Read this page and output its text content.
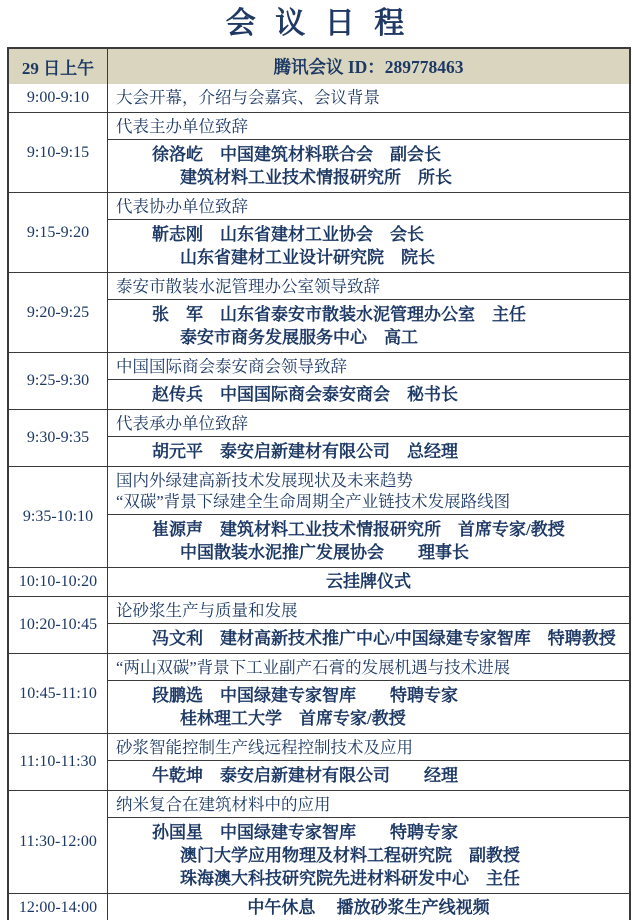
会 议 日 程
29 日上午	腾讯会议 ID：289778463
9:00-9:10	大会开幕，介绍与会嘉宾、会议背景
9:10-9:15
代表主办单位致辞
徐洛屹　中国建筑材料联合会　副会长
建筑材料工业技术情报研究所　所长
9:15-9:20
代表协办单位致辞
靳志刚　山东省建材工业协会　会长
山东省建材工业设计研究院　院长
9:20-9:25
泰安市散装水泥管理办公室领导致辞
张　军　山东省泰安市散装水泥管理办公室　主任
泰安市商务发展服务中心　高工
9:25-9:30
中国国际商会泰安商会领导致辞
赵传兵　中国国际商会泰安商会　秘书长
9:30-9:35
代表承办单位致辞
胡元平　泰安启新建材有限公司　总经理
9:35-10:10
国内外绿建高新技术发展现状及未来趋势
“双碳”背景下绿建全生命周期全产业链技术发展路线图
崔源声　建筑材料工业技术情报研究所　首席专家/教授
中国散装水泥推广发展协会　　理事长
10:10-10:20	云挂牌仪式
10:20-10:45
论砂浆生产与质量和发展
冯文利　建材高新技术推广中心/中国绿建专家智库　特聘教授
10:45-11:10
“两山双碳”背景下工业副产石膏的发展机遇与技术进展
段鹏选　中国绿建专家智库　　特聘专家
桂林理工大学　首席专家/教授
11:10-11:30
砂浆智能控制生产线远程控制技术及应用
牛乾坤　泰安启新建材有限公司　　经理
11:30-12:00
纳米复合在建筑材料中的应用
孙国星　中国绿建专家智库　　特聘专家
澳门大学应用物理及材料工程研究院　副教授
珠海澳大科技研究院先进材料研发中心　主任
12:00-14:00	中午休息　 播放砂浆生产线视频
